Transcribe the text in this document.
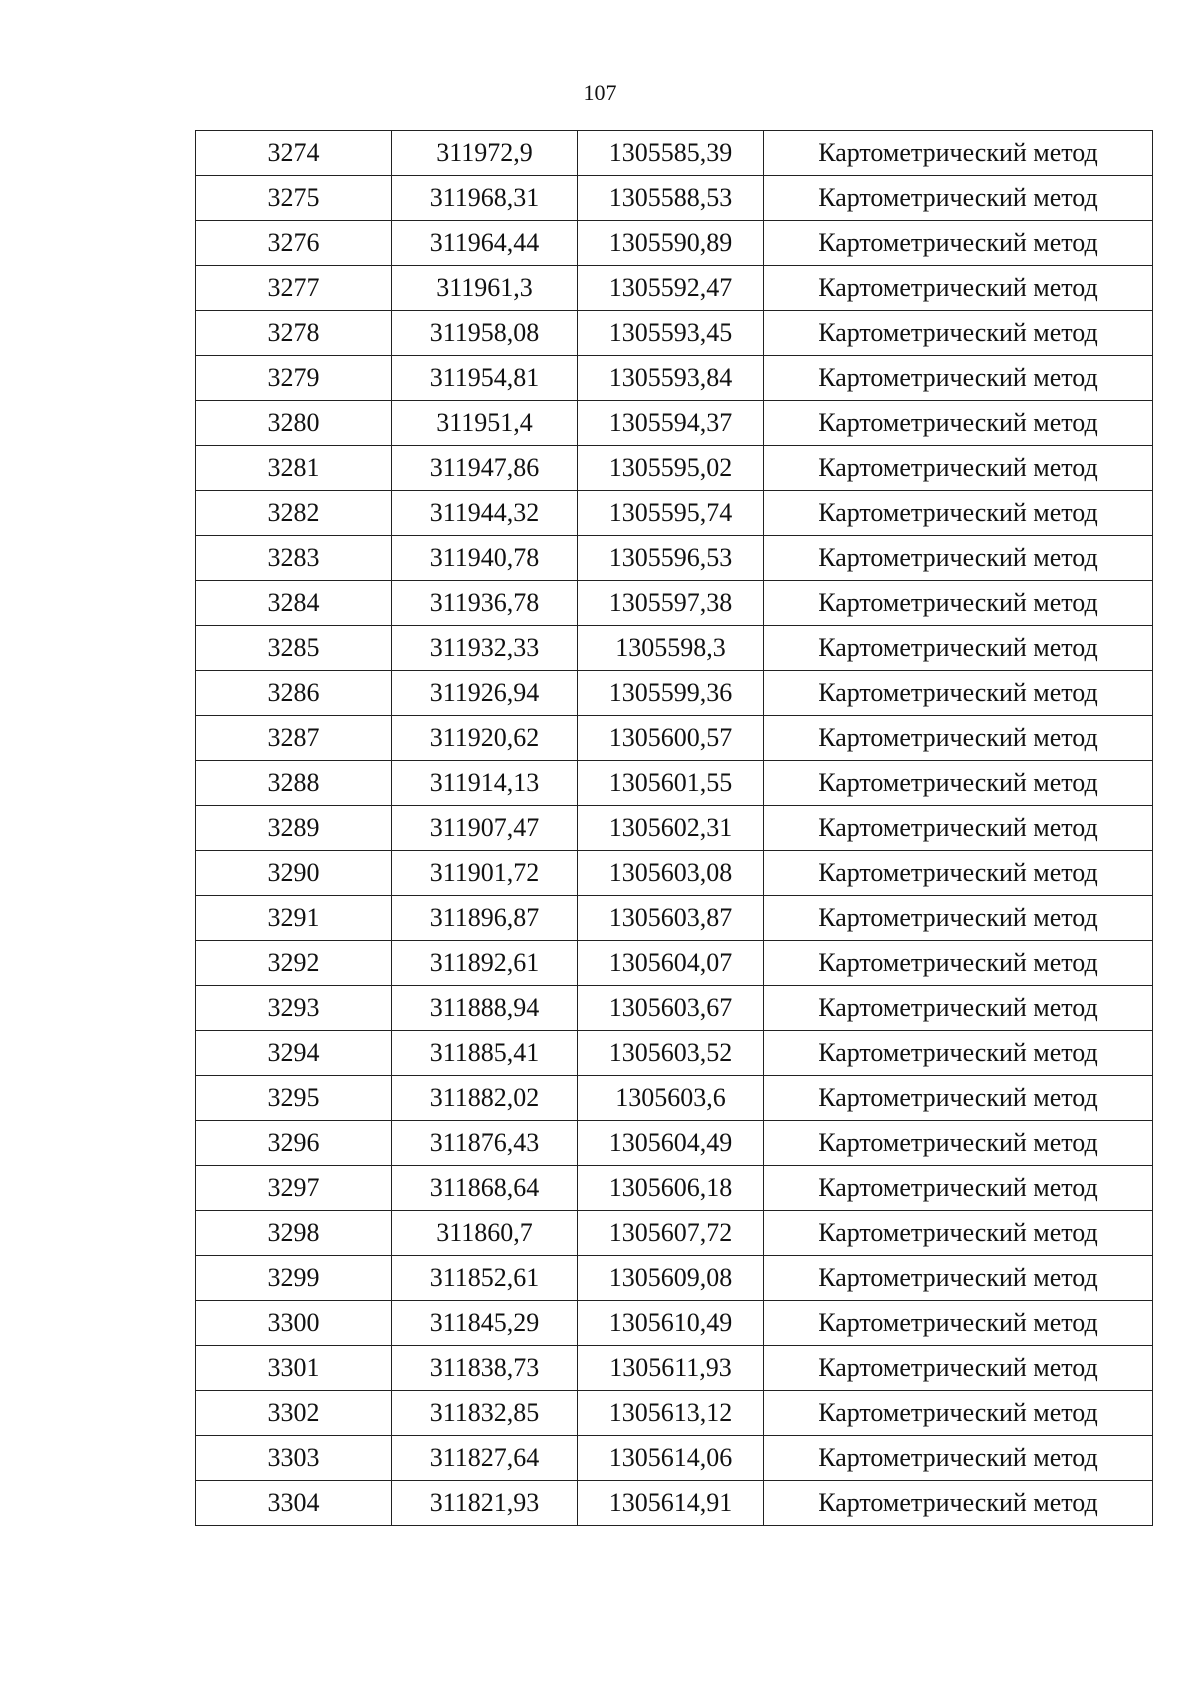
107
3274	311972,9	1305585,39	Картометрический метод
3275	311968,31	1305588,53	Картометрический метод
3276	311964,44	1305590,89	Картометрический метод
3277	311961,3	1305592,47	Картометрический метод
3278	311958,08	1305593,45	Картометрический метод
3279	311954,81	1305593,84	Картометрический метод
3280	311951,4	1305594,37	Картометрический метод
3281	311947,86	1305595,02	Картометрический метод
3282	311944,32	1305595,74	Картометрический метод
3283	311940,78	1305596,53	Картометрический метод
3284	311936,78	1305597,38	Картометрический метод
3285	311932,33	1305598,3	Картометрический метод
3286	311926,94	1305599,36	Картометрический метод
3287	311920,62	1305600,57	Картометрический метод
3288	311914,13	1305601,55	Картометрический метод
3289	311907,47	1305602,31	Картометрический метод
3290	311901,72	1305603,08	Картометрический метод
3291	311896,87	1305603,87	Картометрический метод
3292	311892,61	1305604,07	Картометрический метод
3293	311888,94	1305603,67	Картометрический метод
3294	311885,41	1305603,52	Картометрический метод
3295	311882,02	1305603,6	Картометрический метод
3296	311876,43	1305604,49	Картометрический метод
3297	311868,64	1305606,18	Картометрический метод
3298	311860,7	1305607,72	Картометрический метод
3299	311852,61	1305609,08	Картометрический метод
3300	311845,29	1305610,49	Картометрический метод
3301	311838,73	1305611,93	Картометрический метод
3302	311832,85	1305613,12	Картометрический метод
3303	311827,64	1305614,06	Картометрический метод
3304	311821,93	1305614,91	Картометрический метод
